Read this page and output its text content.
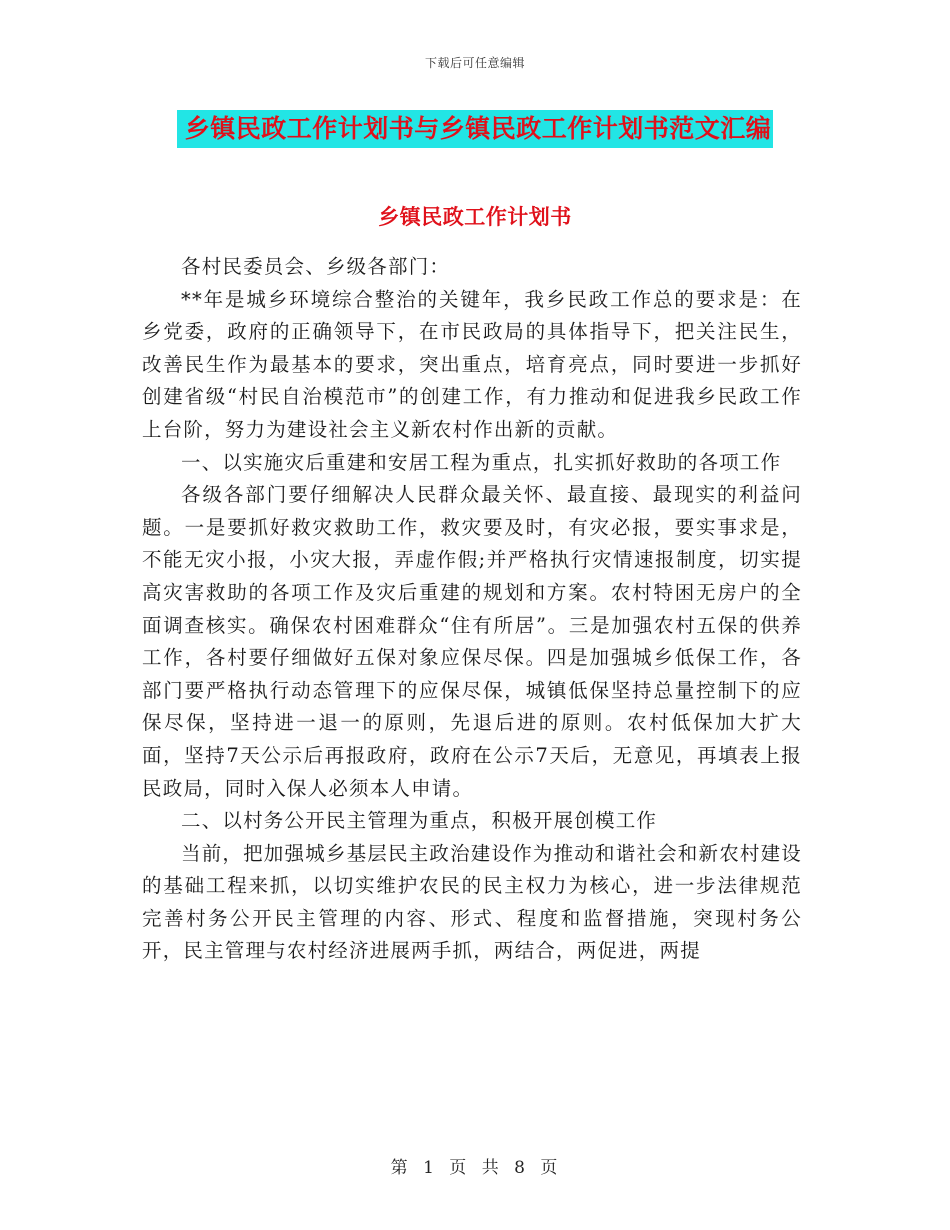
下载后可任意编辑
乡镇民政工作计划书与乡镇民政工作计划书范文汇编
乡镇民政工作计划书

各村民委员会、乡级各部门：

**年是城乡环境综合整治的关键年，我乡民政工作总的要求是：在乡党委，政府的正确领导下，在市民政局的具体指导下，把关注民生，改善民生作为最基本的要求，突出重点，培育亮点，同时要进一步抓好创建省级“村民自治模范市”的创建工作，有力推动和促进我乡民政工作上台阶，努力为建设社会主义新农村作出新的贡献。

一、以实施灾后重建和安居工程为重点，扎实抓好救助的各项工作

各级各部门要仔细解决人民群众最关怀、最直接、最现实的利益问题。一是要抓好救灾救助工作，救灾要及时，有灾必报，要实事求是，不能无灾小报，小灾大报，弄虚作假;并严格执行灾情速报制度，切实提高灾害救助的各项工作及灾后重建的规划和方案。农村特困无房户的全面调查核实。确保农村困难群众“住有所居”。三是加强农村五保的供养工作，各村要仔细做好五保对象应保尽保。四是加强城乡低保工作，各部门要严格执行动态管理下的应保尽保，城镇低保坚持总量控制下的应保尽保，坚持进一退一的原则，先退后进的原则。农村低保加大扩大面，坚持7天公示后再报政府，政府在公示7天后，无意见，再填表上报民政局，同时入保人必须本人申请。

二、以村务公开民主管理为重点，积极开展创模工作

当前，把加强城乡基层民主政治建设作为推动和谐社会和新农村建设的基础工程来抓，以切实维护农民的民主权力为核心，进一步法律规范完善村务公开民主管理的内容、形式、程度和监督措施，突现村务公开，民主管理与农村经济进展两手抓，两结合，两促进，两提

第 1 页 共 8 页
